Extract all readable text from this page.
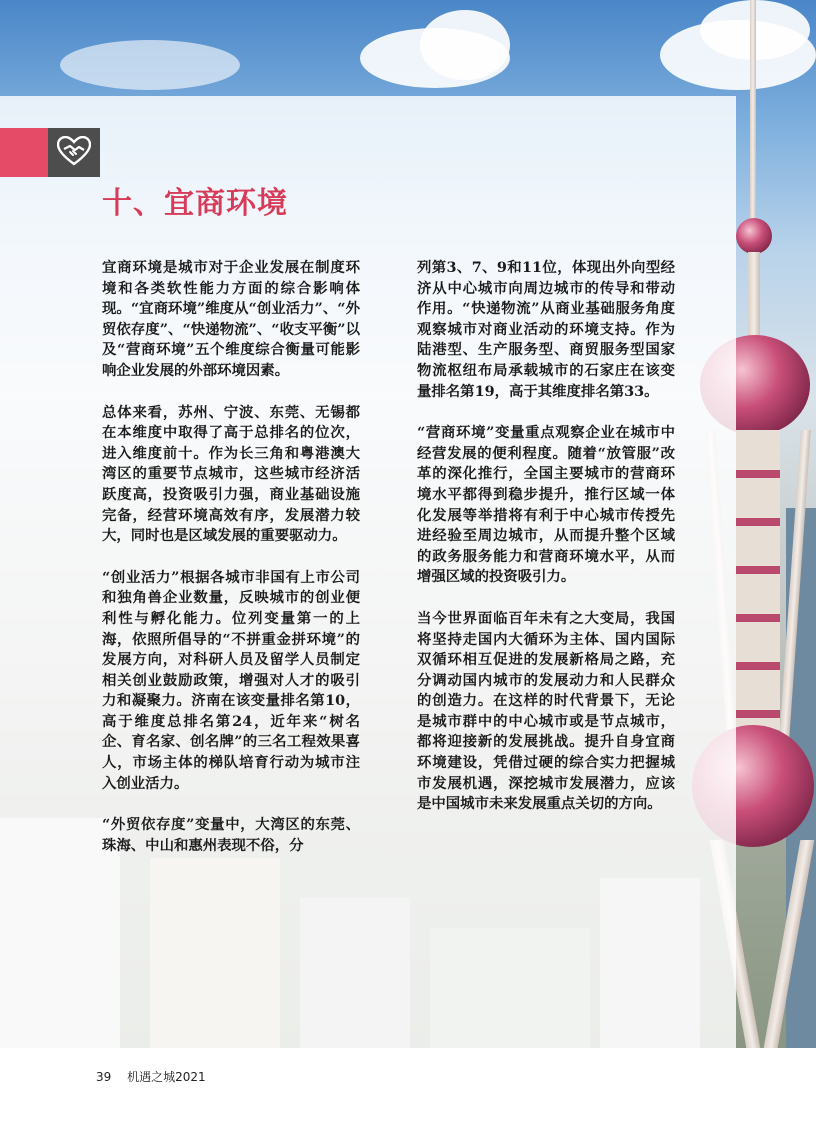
十、宜商环境

宜商环境是城市对于企业发展在制度环境和各类软性能力方面的综合影响体现。“宜商环境”维度从“创业活力”、“外贸依存度”、“快递物流”、“收支平衡”以及“营商环境”五个维度综合衡量可能影响企业发展的外部环境因素。

总体来看，苏州、宁波、东莞、无锡都在本维度中取得了高于总排名的位次，进入维度前十。作为长三角和粤港澳大湾区的重要节点城市，这些城市经济活跃度高，投资吸引力强，商业基础设施完备，经营环境高效有序，发展潜力较大，同时也是区域发展的重要驱动力。

“创业活力”根据各城市非国有上市公司和独角兽企业数量，反映城市的创业便利性与孵化能力。位列变量第一的上海，依照所倡导的“不拼重金拼环境”的发展方向，对科研人员及留学人员制定相关创业鼓励政策，增强对人才的吸引力和凝聚力。济南在该变量排名第10，高于维度总排名第24，近年来“树名企、育名家、创名牌”的三名工程效果喜人，市场主体的梯队培育行动为城市注入创业活力。

“外贸依存度”变量中，大湾区的东莞、珠海、中山和惠州表现不俗，分

列第3、7、9和11位，体现出外向型经济从中心城市向周边城市的传导和带动作用。“快递物流”从商业基础服务角度观察城市对商业活动的环境支持。作为陆港型、生产服务型、商贸服务型国家物流枢纽布局承载城市的石家庄在该变量排名第19，高于其维度排名第33。

“营商环境”变量重点观察企业在城市中经营发展的便利程度。随着“放管服”改革的深化推行，全国主要城市的营商环境水平都得到稳步提升，推行区域一体化发展等举措将有利于中心城市传授先进经验至周边城市，从而提升整个区域的政务服务能力和营商环境水平，从而增强区域的投资吸引力。

当今世界面临百年未有之大变局，我国将坚持走国内大循环为主体、国内国际双循环相互促进的发展新格局之路，充分调动国内城市的发展动力和人民群众的创造力。在这样的时代背景下，无论是城市群中的中心城市或是节点城市，都将迎接新的发展挑战。提升自身宜商环境建设，凭借过硬的综合实力把握城市发展机遇，深挖城市发展潜力，应该是中国城市未来发展重点关切的方向。

39 机遇之城2021
